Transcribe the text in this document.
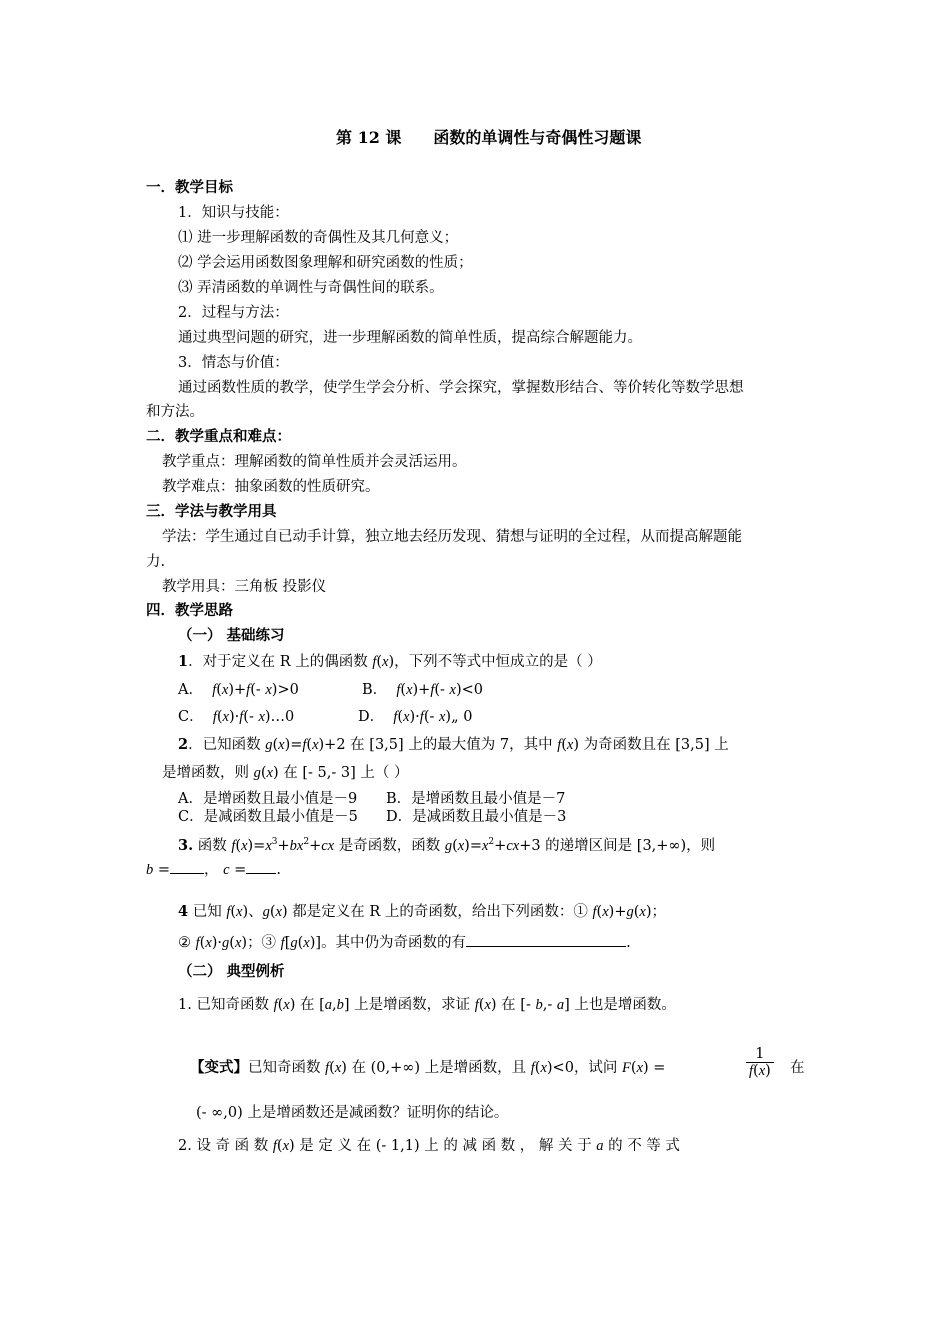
第 12 课　　函数的单调性与奇偶性习题课
一．教学目标
1．知识与技能：
⑴ 进一步理解函数的奇偶性及其几何意义；
⑵ 学会运用函数图象理解和研究函数的性质；
⑶ 弄清函数的单调性与奇偶性间的联系。
2．过程与方法：
通过典型问题的研究，进一步理解函数的简单性质，提高综合解题能力。
3．情态与价值：
通过函数性质的教学，使学生学会分析、学会探究，掌握数形结合、等价转化等数学思想
和方法。
二．教学重点和难点：
教学重点：理解函数的简单性质并会灵活运用。
教学难点：抽象函数的性质研究。
三．学法与教学用具
学法：学生通过自已动手计算，独立地去经历发现、猜想与证明的全过程，从而提高解题能
力.
教学用具：三角板 投影仪
四．教学思路
（一） 基础练习
1．对于定义在 R 上的偶函数 f(x)，下列不等式中恒成立的是（ ）
A． f(x)+f(- x)>0	B． f(x)+f(- x)<0
C． f(x)·f(- x)…0	D． f(x)·f(- x)„ 0
2．已知函数 g(x)=f(x)+2 在 [3,5] 上的最大值为 7，其中 f(x) 为奇函数且在 [3,5] 上
是增函数，则 g(x) 在 [- 5,- 3] 上（ ）
A．是增函数且最小值是－9 B．是增函数且最小值是－7
C．是减函数且最小值是－5 D．是减函数且最小值是－3
3. 函数 $f(x)=x^3+bx^2+cx$ 是奇函数，函数 $g(x)=x^2+cx+3$ 的递增区间是 [3,+∞)，则
b = ， c = .
4 已知 f(x)、g(x) 都是定义在 R 上的奇函数，给出下列函数：① f(x)+g(x)；
② f(x)·g(x)；③ f[g(x)]。其中仍为奇函数的有	.
（二） 典型例析
1. 已知奇函数 f(x) 在 [a,b] 上是增函数，求证 f(x) 在 [- b,- a] 上也是增函数。
【变式】已知奇函数 f(x) 在 (0,+∞) 上是增函数，且 f(x)<0，试问 F(x) =	$\frac{1}{f(x)}$ 在
(- ∞,0) 上是增函数还是减函数？证明你的结论。
2. 设 奇 函 数 f(x) 是 定 义 在 (- 1,1) 上 的 减 函 数 ， 解 关 于 a 的 不 等 式
